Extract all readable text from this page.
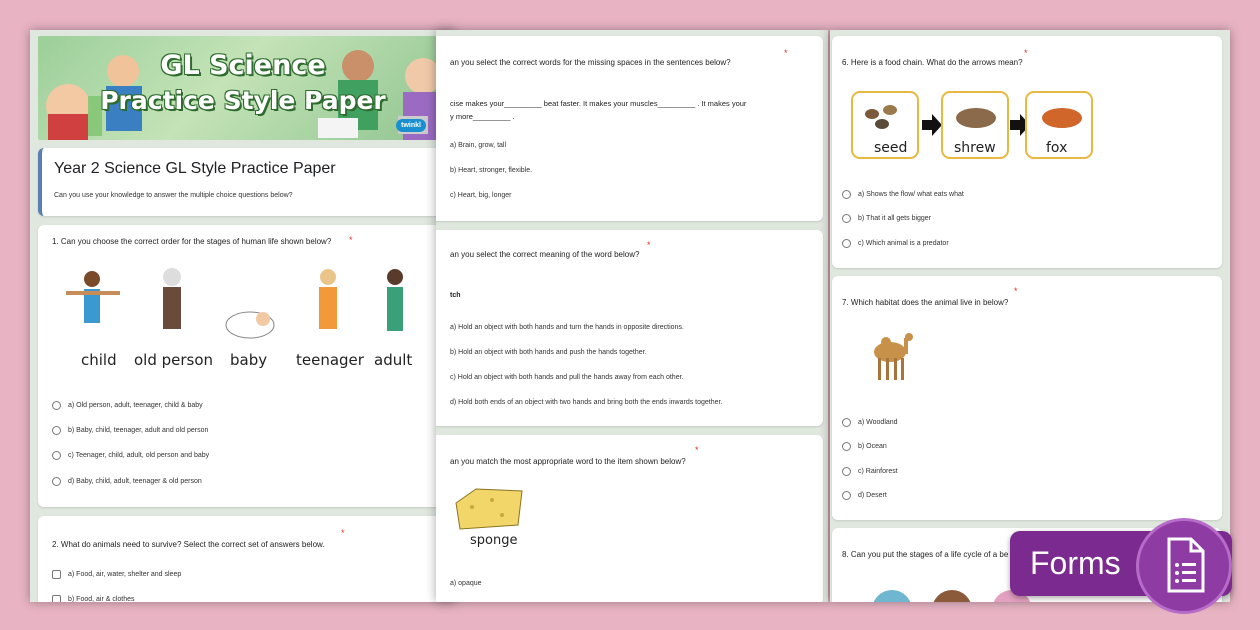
GL Science
Practice Style Paper
twinkl
Year 2 Science GL Style Practice Paper
Can you use your knowledge to answer the multiple choice questions below?
1. Can you choose the correct order for the stages of human life shown below? *
child old person baby teenager adult
a) Old person, adult, teenager, child & baby
b) Baby, child, teenager, adult and old person
c) Teenager, child, adult, old person and baby
d) Baby, child, adult, teenager & old person
*
2. What do animals need to survive? Select the correct set of answers below.
a) Food, air, water, shelter and sleep
b) Food, air & clothes
an you select the correct words for the missing spaces in the sentences below?
*
cise makes your_________ beat faster. It makes your muscles_________ . It makes your
y more_________ .
a) Brain, grow, tall
b) Heart, stronger, flexible.
c) Heart, big, longer
*
an you select the correct meaning of the word below?
tch
a) Hold an object with both hands and turn the hands in opposite directions.
b) Hold an object with both hands and push the hands together.
c) Hold an object with both hands and pull the hands away from each other.
d) Hold both ends of an object with two hands and bring both the ends inwards together.
*
an you match the most appropriate word to the item shown below?
sponge
a) opaque
6. Here is a food chain. What do the arrows mean?
*
seed	shrew	fox
a) Shows the flow/ what eats what
b) That it all gets bigger
c) Which animal is a predator
*
7. Which habitat does the animal live in below?
a) Woodland
b) Ocean
c) Rainforest
d) Desert
8. Can you put the stages of a life cycle of a be Forms
